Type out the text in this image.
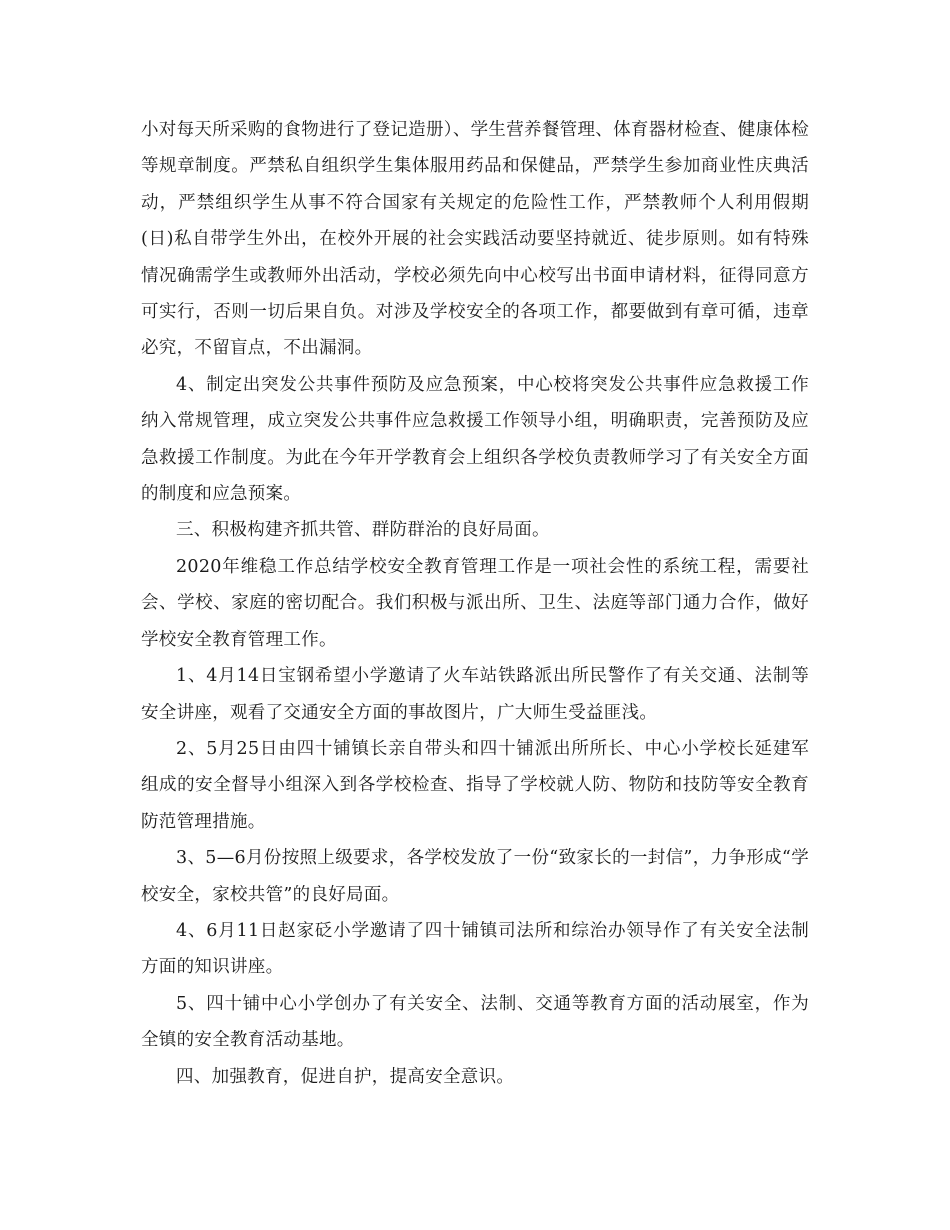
小对每天所采购的食物进行了登记造册）、学生营养餐管理、体育器材检查、健康体检等规章制度。严禁私自组织学生集体服用药品和保健品，严禁学生参加商业性庆典活动，严禁组织学生从事不符合国家有关规定的危险性工作，严禁教师个人利用假期(日)私自带学生外出，在校外开展的社会实践活动要坚持就近、徒步原则。如有特殊情况确需学生或教师外出活动，学校必须先向中心校写出书面申请材料，征得同意方可实行，否则一切后果自负。对涉及学校安全的各项工作，都要做到有章可循，违章必究，不留盲点，不出漏洞。

4、制定出突发公共事件预防及应急预案，中心校将突发公共事件应急救援工作纳入常规管理，成立突发公共事件应急救援工作领导小组，明确职责，完善预防及应急救援工作制度。为此在今年开学教育会上组织各学校负责教师学习了有关安全方面的制度和应急预案。

三、积极构建齐抓共管、群防群治的良好局面。

2020年维稳工作总结学校安全教育管理工作是一项社会性的系统工程，需要社会、学校、家庭的密切配合。我们积极与派出所、卫生、法庭等部门通力合作，做好学校安全教育管理工作。

1、4月14日宝钢希望小学邀请了火车站铁路派出所民警作了有关交通、法制等安全讲座，观看了交通安全方面的事故图片，广大师生受益匪浅。

2、5月25日由四十铺镇长亲自带头和四十铺派出所所长、中心小学校长延建军组成的安全督导小组深入到各学校检查、指导了学校就人防、物防和技防等安全教育防范管理措施。

3、5—6月份按照上级要求，各学校发放了一份“致家长的一封信”，力争形成“学校安全，家校共管”的良好局面。

4、6月11日赵家砭小学邀请了四十铺镇司法所和综治办领导作了有关安全法制方面的知识讲座。

5、四十铺中心小学创办了有关安全、法制、交通等教育方面的活动展室，作为全镇的安全教育活动基地。

四、加强教育，促进自护，提高安全意识。
